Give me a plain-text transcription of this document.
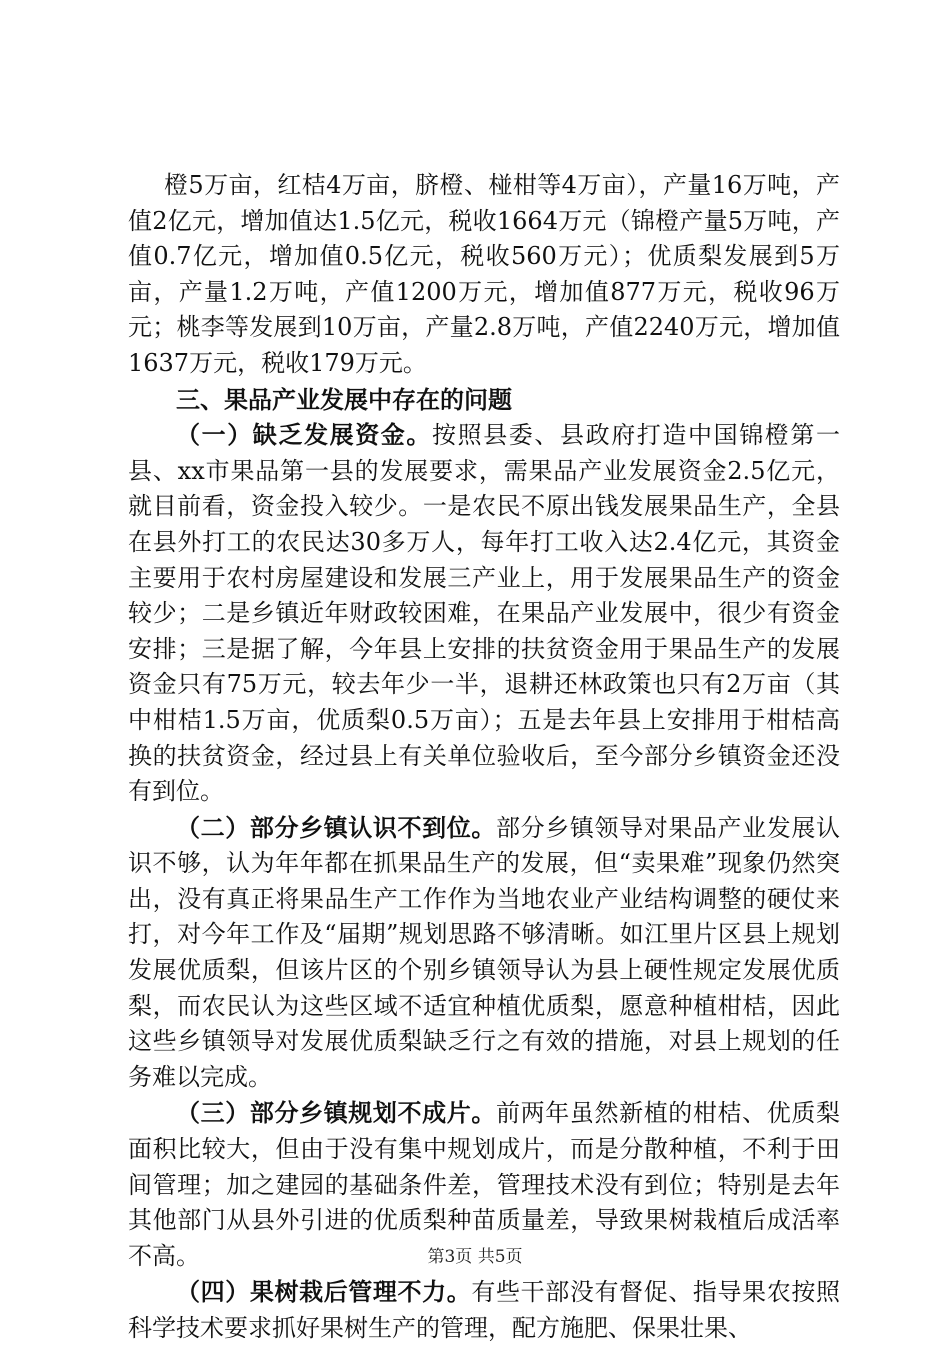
橙5万亩，红桔4万亩，脐橙、椪柑等4万亩），产量16万吨，产值2亿元，增加值达1.5亿元，税收1664万元（锦橙产量5万吨，产值0.7亿元，增加值0.5亿元，税收560万元）；优质梨发展到5万亩，产量1.2万吨，产值1200万元，增加值877万元，税收96万元；桃李等发展到10万亩，产量2.8万吨，产值2240万元，增加值1637万元，税收179万元。

三、果品产业发展中存在的问题

（一）缺乏发展资金。按照县委、县政府打造中国锦橙第一县、xx市果品第一县的发展要求，需果品产业发展资金2.5亿元，就目前看，资金投入较少。一是农民不原出钱发展果品生产，全县在县外打工的农民达30多万人，每年打工收入达2.4亿元，其资金主要用于农村房屋建设和发展三产业上，用于发展果品生产的资金较少；二是乡镇近年财政较困难，在果品产业发展中，很少有资金安排；三是据了解，今年县上安排的扶贫资金用于果品生产的发展资金只有75万元，较去年少一半，退耕还林政策也只有2万亩（其中柑桔1.5万亩，优质梨0.5万亩）；五是去年县上安排用于柑桔高换的扶贫资金，经过县上有关单位验收后，至今部分乡镇资金还没有到位。

（二）部分乡镇认识不到位。部分乡镇领导对果品产业发展认识不够，认为年年都在抓果品生产的发展，但“卖果难”现象仍然突出，没有真正将果品生产工作作为当地农业产业结构调整的硬仗来打，对今年工作及“届期”规划思路不够清晰。如江里片区县上规划发展优质梨，但该片区的个别乡镇领导认为县上硬性规定发展优质梨，而农民认为这些区域不适宜种植优质梨，愿意种植柑桔，因此这些乡镇领导对发展优质梨缺乏行之有效的措施，对县上规划的任务难以完成。

（三）部分乡镇规划不成片。前两年虽然新植的柑桔、优质梨面积比较大，但由于没有集中规划成片，而是分散种植，不利于田间管理；加之建园的基础条件差，管理技术没有到位；特别是去年其他部门从县外引进的优质梨种苗质量差，导致果树栽植后成活率不高。

（四）果树栽后管理不力。有些干部没有督促、指导果农按照科学技术要求抓好果树生产的管理，配方施肥、保果壮果、

第3页 共5页
